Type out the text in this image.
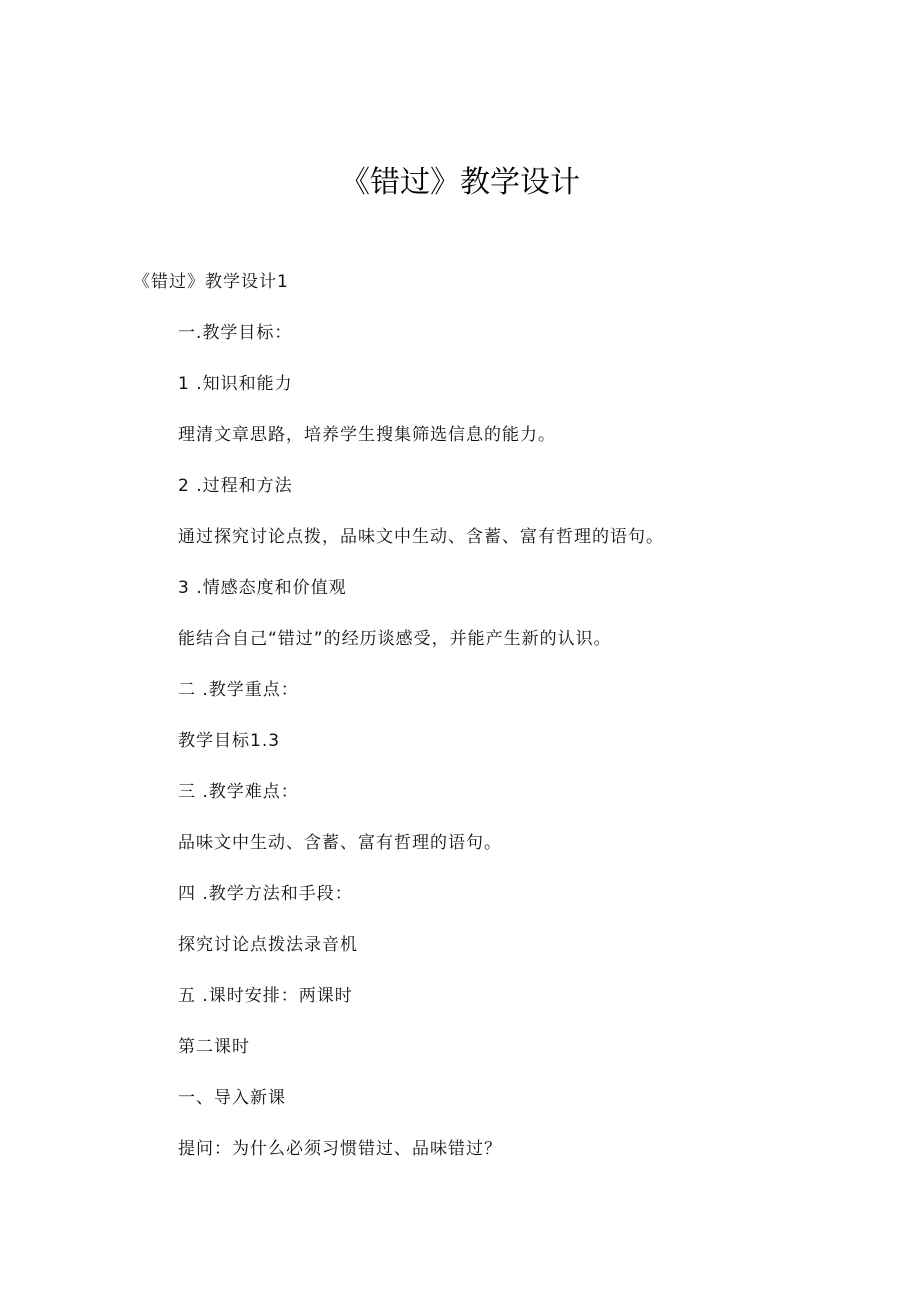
《错过》教学设计

《错过》教学设计1

一.教学目标：

1 .知识和能力

理清文章思路，培养学生搜集筛选信息的能力。

2 .过程和方法

通过探究讨论点拨，品味文中生动、含蓄、富有哲理的语句。

3 .情感态度和价值观

能结合自己“错过”的经历谈感受，并能产生新的认识。

二 .教学重点：

教学目标1.3

三 .教学难点：

品味文中生动、含蓄、富有哲理的语句。

四 .教学方法和手段：

探究讨论点拨法录音机

五 .课时安排：两课时

第二课时

一、导入新课

提问：为什么必须习惯错过、品味错过？
